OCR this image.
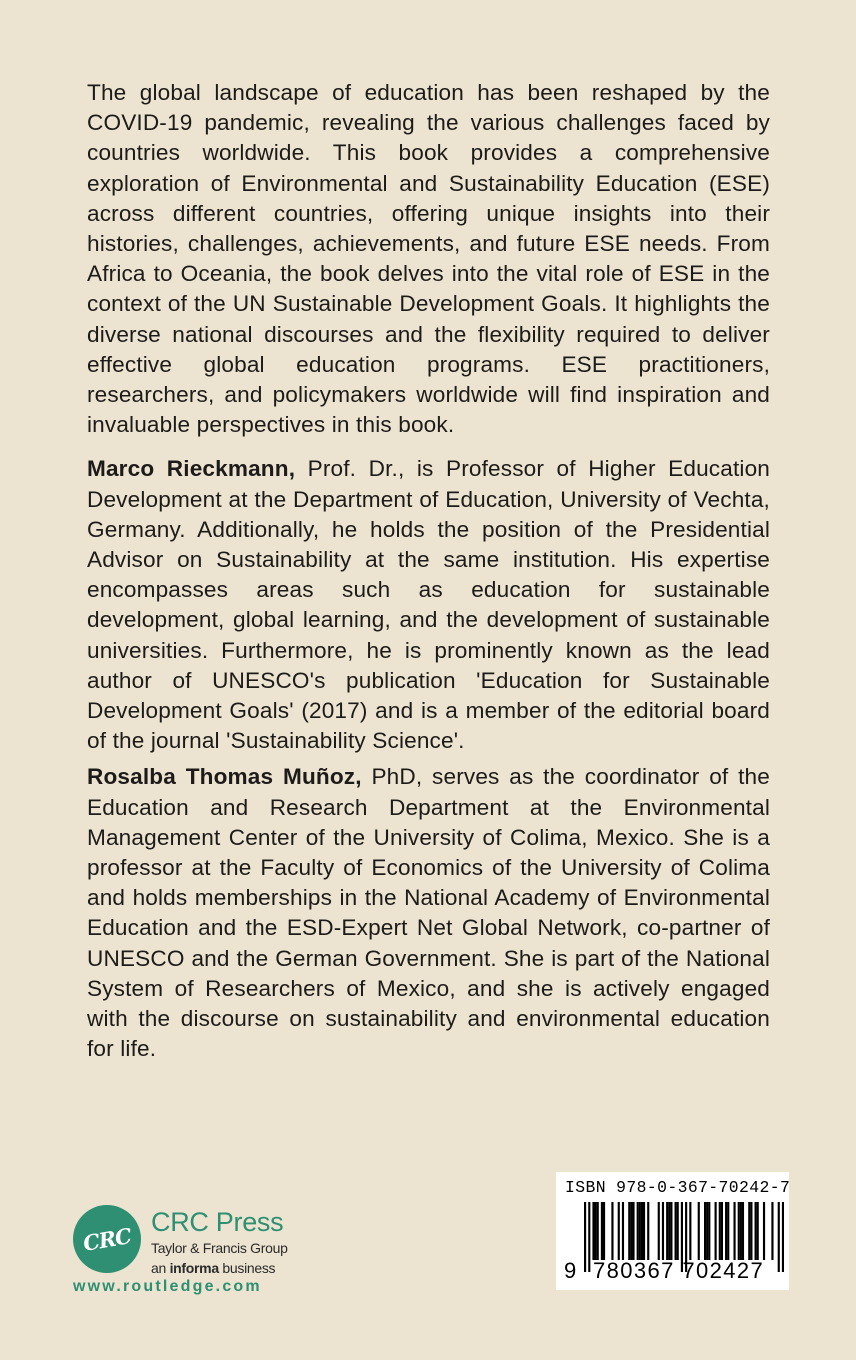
The global landscape of education has been reshaped by the COVID-19 pandemic, revealing the various challenges faced by countries worldwide. This book provides a comprehensive exploration of Environmental and Sustainability Education (ESE) across different countries, offering unique insights into their histories, challenges, achievements, and future ESE needs. From Africa to Oceania, the book delves into the vital role of ESE in the context of the UN Sustainable Development Goals. It highlights the diverse national discourses and the flexibility required to deliver effective global education programs. ESE practitioners, researchers, and policymakers worldwide will find inspiration and invaluable perspectives in this book.

Marco Rieckmann, Prof. Dr., is Professor of Higher Education Development at the Department of Education, University of Vechta, Germany. Additionally, he holds the position of the Presidential Advisor on Sustainability at the same institution. His expertise encompasses areas such as education for sustainable development, global learning, and the development of sustainable universities. Furthermore, he is prominently known as the lead author of UNESCO's publication 'Education for Sustainable Development Goals' (2017) and is a member of the editorial board of the journal 'Sustainability Science'.

Rosalba Thomas Muñoz, PhD, serves as the coordinator of the Education and Research Department at the Environmental Management Center of the University of Colima, Mexico. She is a professor at the Faculty of Economics of the University of Colima and holds memberships in the National Academy of Environmental Education and the ESD-Expert Net Global Network, co-partner of UNESCO and the German Government. She is part of the National System of Researchers of Mexico, and she is actively engaged with the discourse on sustainability and environmental education for life.

CRC
CRC Press
Taylor & Francis Group
an informa business
www.routledge.com
ISBN 978-0-367-70242-7
9 780367 702427
